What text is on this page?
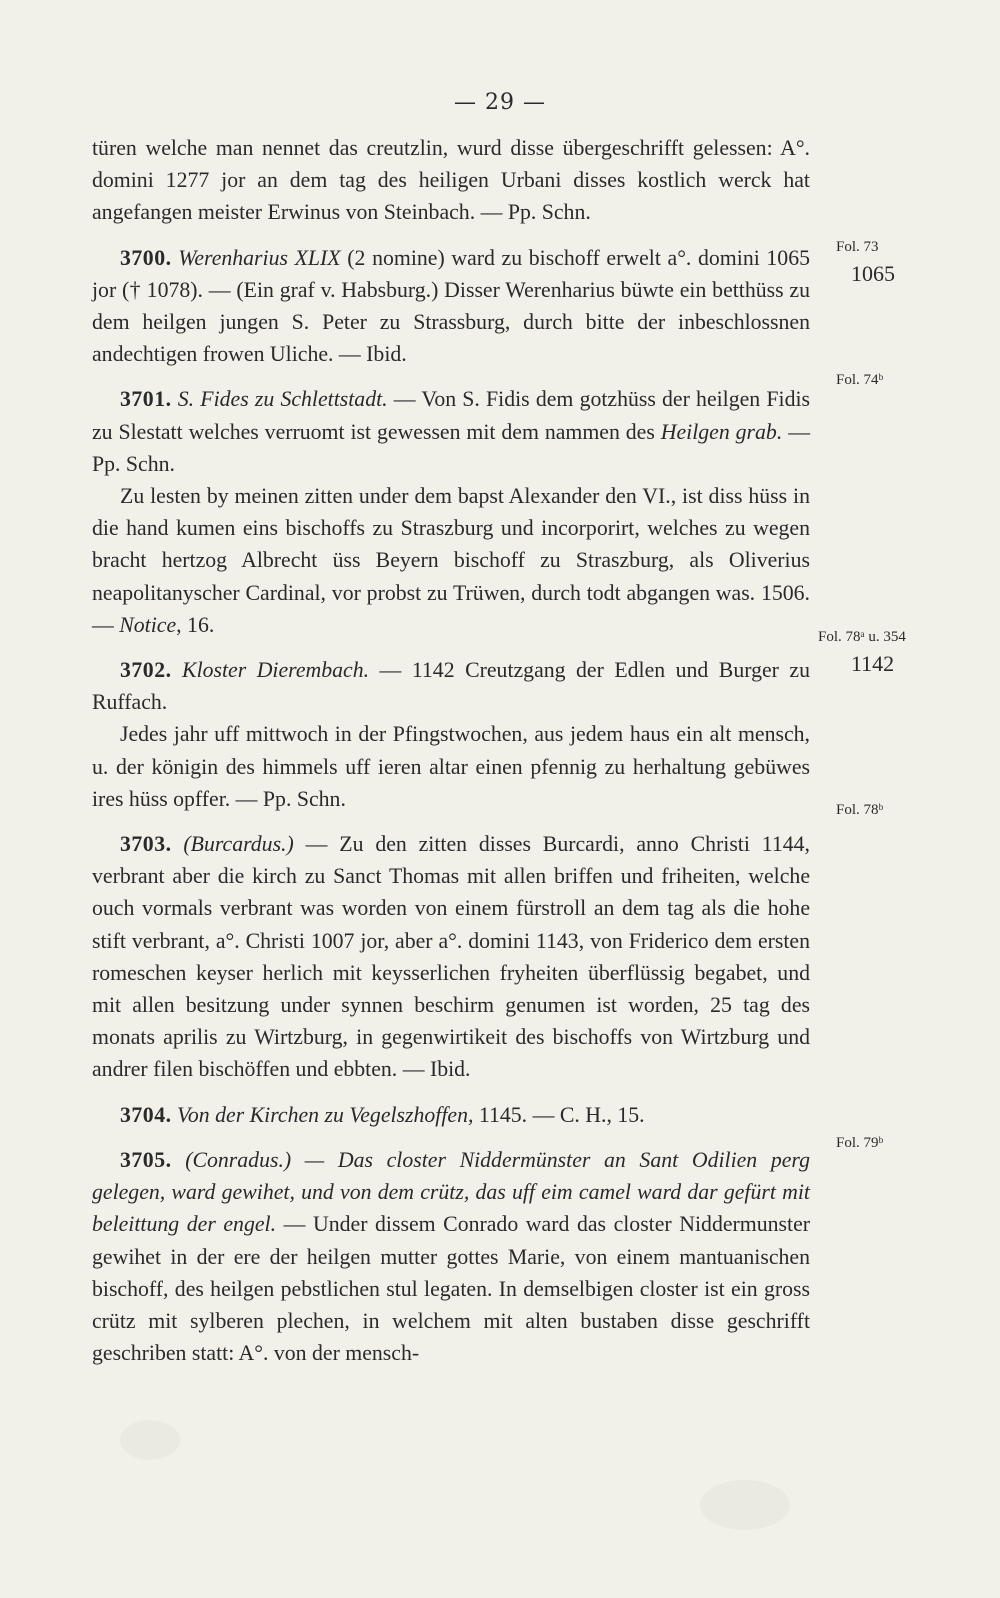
— 29 —

türen welche man nennet das creutzlin, wurd disse übergeschrifft gelessen: A°. domini 1277 jor an dem tag des heiligen Urbani disses kostlich werck hat angefangen meister Erwinus von Steinbach. — Pp. Schn.

3700. Werenharius XLIX (2 nomine) ward zu bischoff erwelt a°. domini 1065 jor († 1078). — (Ein graf v. Habsburg.) Disser Werenharius büwte ein betthüss zu dem heilgen jungen S. Peter zu Strassburg, durch bitte der inbeschlossnen andechtigen frowen Uliche. — Ibid.

3701. S. Fides zu Schlettstadt. — Von S. Fidis dem gotzhüss der heilgen Fidis zu Slestatt welches verruomt ist gewessen mit dem nammen des Heilgen grab. — Pp. Schn.

Zu lesten by meinen zitten under dem bapst Alexander den VI., ist diss hüss in die hand kumen eins bischoffs zu Straszburg und incorporirt, welches zu wegen bracht hertzog Albrecht üss Beyern bischoff zu Straszburg, als Oliverius neapolitanyscher Cardinal, vor probst zu Trüwen, durch todt abgangen was. 1506. — Notice, 16.

3702. Kloster Dierembach. — 1142 Creutzgang der Edlen und Burger zu Ruffach.

Jedes jahr uff mittwoch in der Pfingstwochen, aus jedem haus ein alt mensch, u. der königin des himmels uff ieren altar einen pfennig zu herhaltung gebüwes ires hüss opffer. — Pp. Schn.

3703. (Burcardus.) — Zu den zitten disses Burcardi, anno Christi 1144, verbrant aber die kirch zu Sanct Thomas mit allen briffen und friheiten, welche ouch vormals verbrant was worden von einem fürstroll an dem tag als die hohe stift verbrant, a°. Christi 1007 jor, aber a°. domini 1143, von Friderico dem ersten romeschen keyser herlich mit keysserlichen fryheiten überflüssig begabet, und mit allen besitzung under synnen beschirm genumen ist worden, 25 tag des monats aprilis zu Wirtzburg, in gegenwirtikeit des bischoffs von Wirtzburg und andrer filen bischöffen und ebbten. — Ibid.

3704. Von der Kirchen zu Vegelszhoffen, 1145. — C. H., 15.

3705. (Conradus.) — Das closter Niddermünster an Sant Odilien perg gelegen, ward gewihet, und von dem crütz, das uff eim camel ward dar gefürt mit beleittung der engel. — Under dissem Conrado ward das closter Niddermunster gewihet in der ere der heilgen mutter gottes Marie, von einem mantuanischen bischoff, des heilgen pebstlichen stul legaten. In demselbigen closter ist ein gross crütz mit sylberen plechen, in welchem mit alten bustaben disse geschrifft geschriben statt: A°. von der mensch-

Fol. 73
1065
Fol. 74ᵇ
Fol. 78ᵃ u. 354
1142
Fol. 78ᵇ
Fol. 79ᵇ
